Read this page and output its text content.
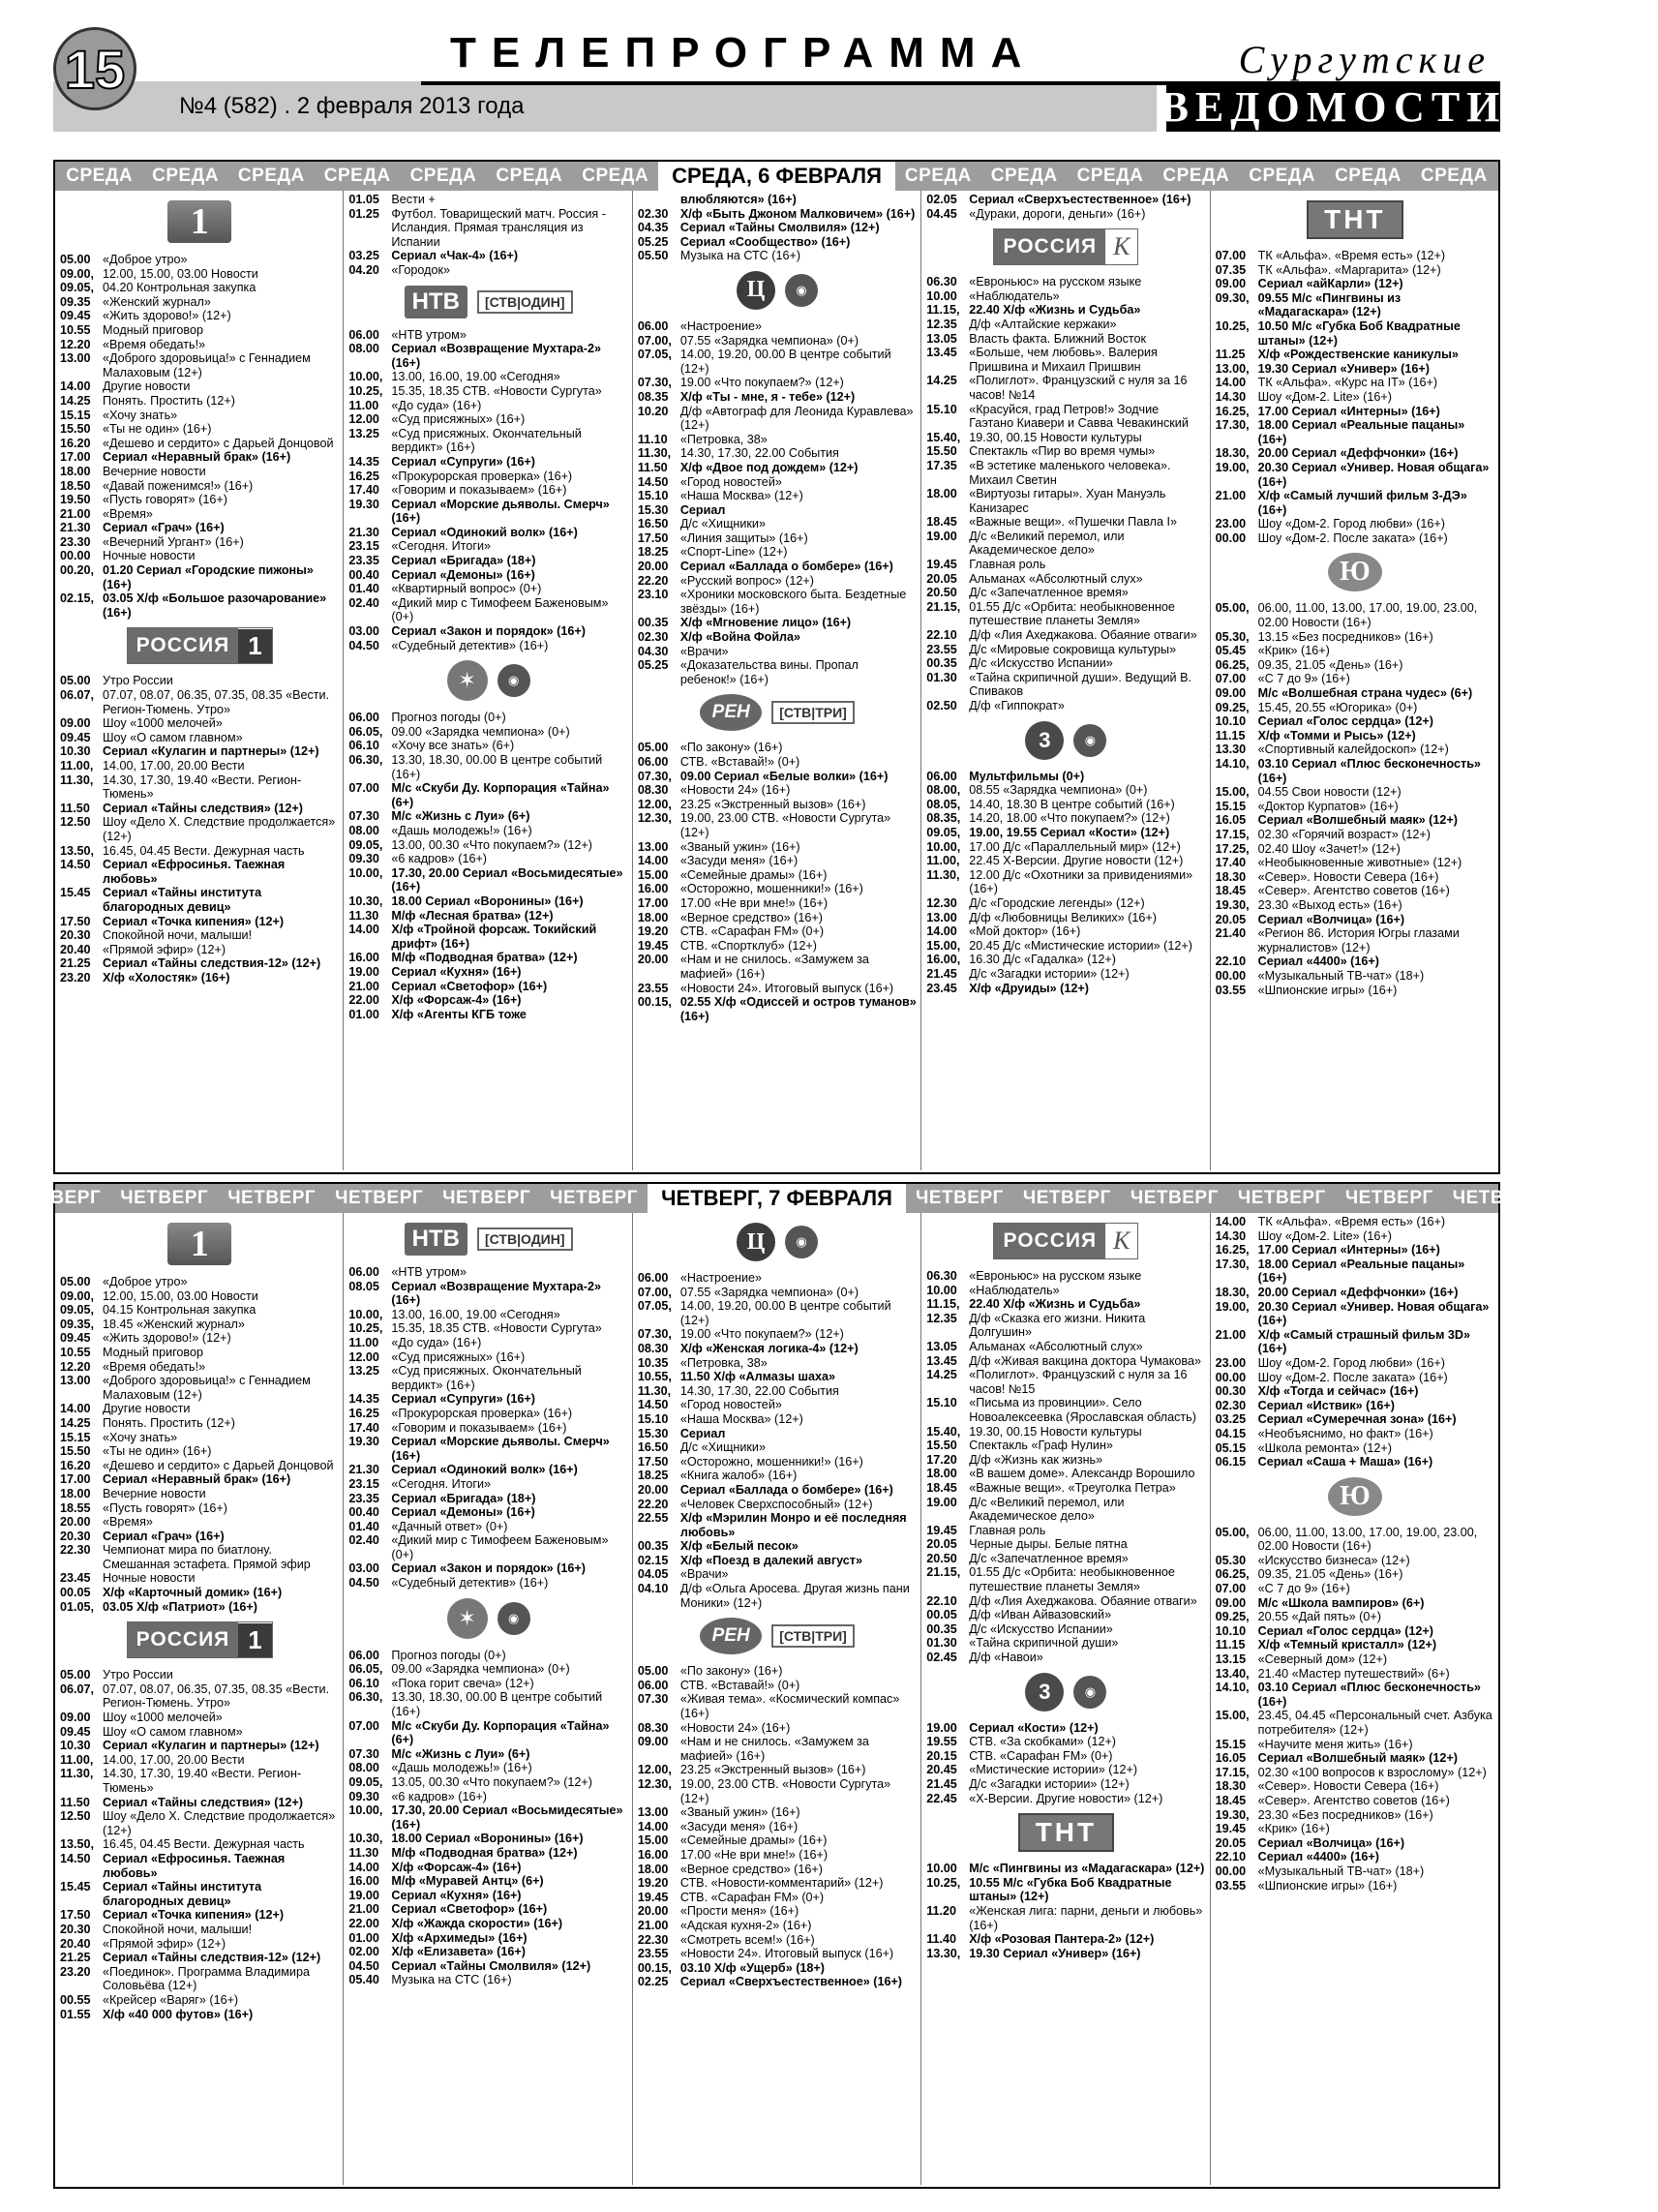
15	ТЕЛЕПРОГРАММА
№4 (582) . 2 февраля 2013 года
Сургутские
ВЕДОМОСТИ
СРЕДА	СРЕДА	СРЕДА	СРЕДА	СРЕДА	СРЕДА	СРЕДА	СРЕДА, 6 ФЕВРАЛЯ	СРЕДА	СРЕДА	СРЕДА	СРЕДА	СРЕДА	СРЕДА	СРЕДА
1
05.00 «Доброе утро»
09.00, 12.00, 15.00, 03.00 Новости
09.05, 04.20 Контрольная закупка
09.35 «Женский журнал»
09.45 «Жить здорово!» (12+)
10.55 Модный приговор
12.20 «Время обедать!»
13.00 «Доброго здоровьица!» с Геннадием Малаховым (12+)
14.00 Другие новости
14.25 Понять. Простить (12+)
15.15 «Хочу знать»
15.50 «Ты не один» (16+)
16.20 «Дешево и сердито» с Дарьей Донцовой
17.00 Сериал «Неравный брак» (16+)
18.00 Вечерние новости
18.50 «Давай поженимся!» (16+)
19.50 «Пусть говорят» (16+)
21.00 «Время»
21.30 Сериал «Грач» (16+)
23.30 «Вечерний Ургант» (16+)
00.00 Ночные новости
00.20, 01.20 Сериал «Городские пижоны» (16+)
02.15, 03.05 Х/ф «Большое разочарование» (16+)
РОССИЯ 1
05.00 Утро России
06.07, 07.07, 08.07, 06.35, 07.35, 08.35 «Вести. Регион-Тюмень. Утро»
09.00 Шоу «1000 мелочей»
09.45 Шоу «О самом главном»
10.30 Сериал «Кулагин и партнеры» (12+)
11.00, 14.00, 17.00, 20.00 Вести
11.30, 14.30, 17.30, 19.40 «Вести. Регион-Тюмень»
11.50	Сериал «Тайны следствия» (12+)
12.50 Шоу «Дело Х. Следствие продолжается» (12+)
13.50, 16.45, 04.45 Вести. Дежурная часть
14.50 Сериал «Ефросинья. Таежная любовь»
15.45 Сериал «Тайны института благородных девиц»
17.50 Сериал «Точка кипения» (12+)
20.30 Спокойной ночи, малыши!
20.40 «Прямой эфир» (12+)
21.25 Сериал «Тайны следствия-12» (12+)
23.20 Х/ф «Холостяк» (16+)
01.05 Вести +
01.25 Футбол. Товарищеский матч. Россия - Исландия. Прямая трансляция из Испании
03.25 Сериал «Чак-4» (16+)
04.20 «Городок»
НТВ	[СТВ|ОДИН]
06.00 «НТВ утром»
08.00 Сериал «Возвращение Мухтара-2» (16+)
10.00, 13.00, 16.00, 19.00 «Сегодня»
10.25, 15.35, 18.35 СТВ. «Новости Сургута»
11.00	«До суда» (16+)
12.00 «Суд присяжных» (16+)
13.25 «Суд присяжных. Окончательный вердикт» (16+)
14.35 Сериал «Супруги» (16+)
16.25 «Прокурорская проверка» (16+)
17.40 «Говорим и показываем» (16+)
19.30 Сериал «Морские дьяволы. Смерч» (16+)
21.30 Сериал «Одинокий волк» (16+)
23.15 «Сегодня. Итоги»
23.35 Сериал «Бригада» (18+)
00.40 Сериал «Демоны» (16+)
01.40 «Квартирный вопрос» (0+)
02.40 «Дикий мир с Тимофеем Баженовым» (0+)
03.00 Сериал «Закон и порядок» (16+)
04.50 «Судебный детектив» (16+)
✶	◉
06.00 Прогноз погоды (0+)
06.05, 09.00 «Зарядка чемпиона» (0+)
06.10 «Хочу все знать» (6+)
06.30, 13.30, 18.30, 00.00 В центре событий (16+)
07.00 М/с «Скуби Ду. Корпорация «Тайна» (6+)
07.30 М/с «Жизнь с Луи» (6+)
08.00 «Дашь молодежь!» (16+)
09.05, 13.00, 00.30 «Что покупаем?» (12+)
09.30 «6 кадров» (16+)
10.00, 17.30, 20.00 Сериал «Восьмидесятые» (16+)
10.30, 18.00 Сериал «Воронины» (16+)
11.30	М/ф «Лесная братва» (12+)
14.00 Х/ф «Тройной форсаж. Токийский дрифт» (16+)
16.00 М/ф «Подводная братва» (12+)
19.00 Сериал «Кухня» (16+)
21.00 Сериал «Светофор» (16+)
22.00 Х/ф «Форсаж-4» (16+)
01.00 Х/ф «Агенты КГБ тоже
влюбляются» (16+)
02.30 Х/ф «Быть Джоном Малковичем» (16+)
04.35 Сериал «Тайны Смолвиля» (12+)
05.25 Сериал «Сообщество» (16+)
05.50 Музыка на СТС (16+)
Ц	◉
06.00 «Настроение»
07.00, 07.55 «Зарядка чемпиона» (0+)
07.05, 14.00, 19.20, 00.00 В центре событий (12+)
07.30, 19.00 «Что покупаем?» (12+)
08.35 Х/ф «Ты - мне, я - тебе» (12+)
10.20 Д/ф «Автограф для Леонида Куравлева» (12+)
11.10	«Петровка, 38»
11.30, 14.30, 17.30, 22.00 События
11.50	Х/ф «Двое под дождем» (12+)
14.50 «Город новостей»
15.10 «Наша Москва» (12+)
15.30 Сериал
16.50 Д/с «Хищники»
17.50 «Линия защиты» (16+)
18.25 «Спорт-Line» (12+)
20.00 Сериал «Баллада о бомбере» (16+)
22.20 «Русский вопрос» (12+)
23.10 «Хроники московского быта. Бездетные звёзды» (16+)
00.35 Х/ф «Мгновение лицо» (16+)
02.30 Х/ф «Война Фойла»
04.30 «Врачи»
05.25 «Доказательства вины. Пропал ребенок!» (16+)
РЕН	[СТВ|ТРИ]
05.00 «По закону» (16+)
06.00 СТВ. «Вставай!» (0+)
07.30, 09.00 Сериал «Белые волки» (16+)
08.30 «Новости 24» (16+)
12.00, 23.25 «Экстренный вызов» (16+)
12.30, 19.00, 23.00 СТВ. «Новости Сургута» (12+)
13.00 «Званый ужин» (16+)
14.00 «Засуди меня» (16+)
15.00 «Семейные драмы» (16+)
16.00 «Осторожно, мошенники!» (16+)
17.00 17.00 «Не ври мне!» (16+)
18.00 «Верное средство» (16+)
19.20 СТВ. «Сарафан FM» (0+)
19.45 СТВ. «Спортклуб» (12+)
20.00 «Нам и не снилось. «Замужем за мафией» (16+)
23.55 «Новости 24». Итоговый выпуск (16+)
00.15, 02.55 Х/ф «Одиссей и остров туманов» (16+)
02.05 Сериал «Сверхъестественное» (16+)
04.45 «Дураки, дороги, деньги» (16+)
РОССИЯ К
06.30 «Евроньюс» на русском языке
10.00 «Наблюдатель»
11.15, 22.40 Х/ф «Жизнь и Судьба»
12.35 Д/ф «Алтайские кержаки»
13.05 Власть факта. Ближний Восток
13.45 «Больше, чем любовь». Валерия Пришвина и Михаил Пришвин
14.25 «Полиглот». Французский с нуля за 16 часов! №14
15.10 «Красуйся, град Петров!» Зодчие Гаэтано Киавери и Савва Чевакинский
15.40, 19.30, 00.15 Новости культуры
15.50 Спектакль «Пир во время чумы»
17.35 «В эстетике маленького человека». Михаил Светин
18.00 «Виртуозы гитары». Хуан Мануэль Канизарес
18.45 «Важные вещи». «Пушечки Павла I»
19.00 Д/с «Великий перемол, или Академическое дело»
19.45 Главная роль
20.05 Альманах «Абсолютный слух»
20.50 Д/с «Запечатленное время»
21.15, 01.55 Д/с «Орбита: необыкновенное путешествие планеты Земля»
22.10 Д/ф «Лия Ахеджакова. Обаяние отваги»
23.55 Д/с «Мировые сокровища культуры»
00.35 Д/с «Искусство Испании»
01.30 «Тайна скрипичной души». Ведущий В. Спиваков
02.50 Д/ф «Гиппократ»
3	◉
06.00 Мультфильмы (0+)
08.00, 08.55 «Зарядка чемпиона» (0+)
08.05, 14.40, 18.30 В центре событий (16+)
08.35, 14.20, 18.00 «Что покупаем?» (12+)
09.05, 19.00, 19.55 Сериал «Кости» (12+)
10.00, 17.00 Д/с «Параллельный мир» (12+)
11.00, 22.45 Х-Версии. Другие новости (12+)
11.30, 12.00 Д/с «Охотники за привидениями» (16+)
12.30 Д/с «Городские легенды» (12+)
13.00 Д/ф «Любовницы Великих» (16+)
14.00 «Мой доктор» (16+)
15.00, 20.45 Д/с «Мистические истории» (12+)
16.00, 16.30 Д/с «Гадалка» (12+)
21.45 Д/с «Загадки истории» (12+)
23.45 Х/ф «Друиды» (12+)
ТНТ
07.00 ТК «Альфа». «Время есть» (12+)
07.35 ТК «Альфа». «Маргарита» (12+)
09.00 Сериал «айКарли» (12+)
09.30, 09.55 М/с «Пингвины из «Мадагаскара» (12+)
10.25, 10.50 М/с «Губка Боб Квадратные штаны» (12+)
11.25	Х/ф «Рождественские каникулы»
13.00, 19.30 Сериал «Универ» (16+)
14.00 ТК «Альфа». «Курс на IT» (16+)
14.30 Шоу «Дом-2. Lite» (16+)
16.25, 17.00 Сериал «Интерны» (16+)
17.30, 18.00 Сериал «Реальные пацаны» (16+)
18.30, 20.00 Сериал «Деффчонки» (16+)
19.00, 20.30 Сериал «Универ. Новая общага» (16+)
21.00 Х/ф «Самый лучший фильм 3-ДЭ» (16+)
23.00 Шоу «Дом-2. Город любви» (16+)
00.00 Шоу «Дом-2. После заката» (16+)
Ю
05.00, 06.00, 11.00, 13.00, 17.00, 19.00, 23.00, 02.00 Новости (16+)
05.30, 13.15 «Без посредников» (16+)
05.45 «Крик» (16+)
06.25, 09.35, 21.05 «День» (16+)
07.00 «С 7 до 9» (16+)
09.00 М/с «Волшебная страна чудес» (6+)
09.25, 15.45, 20.55 «Югорика» (0+)
10.10 Сериал «Голос сердца» (12+)
11.15	Х/ф «Томми и Рысь» (12+)
13.30 «Спортивный калейдоскоп» (12+)
14.10, 03.10 Сериал «Плюс бесконечность» (16+)
15.00, 04.55 Свои новости (12+)
15.15 «Доктор Курпатов» (16+)
16.05 Сериал «Волшебный маяк» (12+)
17.15, 02.30 «Горячий возраст» (12+)
17.25, 02.40 Шоу «Зачет!» (12+)
17.40 «Необыкновенные животные» (12+)
18.30 «Север». Новости Севера (16+)
18.45 «Север». Агентство советов (16+)
19.30, 23.30 «Выход есть» (16+)
20.05 Сериал «Волчица» (16+)
21.40 «Регион 86. История Югры глазами журналистов» (12+)
22.10 Сериал «4400» (16+)
00.00 «Музыкальный ТВ-чат» (18+)
03.55 «Шпионские игры» (16+)
ЧЕТВЕРГ	ЧЕТВЕРГ	ЧЕТВЕРГ	ЧЕТВЕРГ	ЧЕТВЕРГ	ЧЕТВЕРГ	ЧЕТВЕРГ, 7 ФЕВРАЛЯ	ЧЕТВЕРГ	ЧЕТВЕРГ	ЧЕТВЕРГ	ЧЕТВЕРГ	ЧЕТВЕРГ	ЧЕТВЕРГ	ЧЕТВЕРГ
1
05.00 «Доброе утро»
09.00, 12.00, 15.00, 03.00 Новости
09.05, 04.15 Контрольная закупка
09.35, 18.45 «Женский журнал»
09.45 «Жить здорово!» (12+)
10.55 Модный приговор
12.20 «Время обедать!»
13.00 «Доброго здоровьица!» с Геннадием Малаховым (12+)
14.00 Другие новости
14.25 Понять. Простить (12+)
15.15 «Хочу знать»
15.50 «Ты не один» (16+)
16.20 «Дешево и сердито» с Дарьей Донцовой
17.00 Сериал «Неравный брак» (16+)
18.00 Вечерние новости
18.55 «Пусть говорят» (16+)
20.00 «Время»
20.30 Сериал «Грач» (16+)
22.30 Чемпионат мира по биатлону. Смешанная эстафета. Прямой эфир
23.45 Ночные новости
00.05 Х/ф «Карточный домик» (16+)
01.05, 03.05 Х/ф «Патриот» (16+)
РОССИЯ 1
05.00 Утро России
06.07, 07.07, 08.07, 06.35, 07.35, 08.35 «Вести. Регион-Тюмень. Утро»
09.00 Шоу «1000 мелочей»
09.45 Шоу «О самом главном»
10.30 Сериал «Кулагин и партнеры» (12+)
11.00, 14.00, 17.00, 20.00 Вести
11.30, 14.30, 17.30, 19.40 «Вести. Регион-Тюмень»
11.50	Сериал «Тайны следствия» (12+)
12.50 Шоу «Дело Х. Следствие продолжается» (12+)
13.50, 16.45, 04.45 Вести. Дежурная часть
14.50 Сериал «Ефросинья. Таежная любовь»
15.45 Сериал «Тайны института благородных девиц»
17.50 Сериал «Точка кипения» (12+)
20.30 Спокойной ночи, малыши!
20.40 «Прямой эфир» (12+)
21.25 Сериал «Тайны следствия-12» (12+)
23.20 «Поединок». Программа Владимира Соловьёва (12+)
00.55 «Крейсер «Варяг» (16+)
01.55 Х/ф «40 000 футов» (16+)
НТВ	[СТВ|ОДИН]
06.00 «НТВ утром»
08.05 Сериал «Возвращение Мухтара-2» (16+)
10.00, 13.00, 16.00, 19.00 «Сегодня»
10.25, 15.35, 18.35 СТВ. «Новости Сургута»
11.00	«До суда» (16+)
12.00 «Суд присяжных» (16+)
13.25 «Суд присяжных. Окончательный вердикт» (16+)
14.35 Сериал «Супруги» (16+)
16.25 «Прокурорская проверка» (16+)
17.40 «Говорим и показываем» (16+)
19.30 Сериал «Морские дьяволы. Смерч» (16+)
21.30 Сериал «Одинокий волк» (16+)
23.15 «Сегодня. Итоги»
23.35 Сериал «Бригада» (18+)
00.40 Сериал «Демоны» (16+)
01.40 «Дачный ответ» (0+)
02.40 «Дикий мир с Тимофеем Баженовым» (0+)
03.00 Сериал «Закон и порядок» (16+)
04.50 «Судебный детектив» (16+)
✶	◉
06.00 Прогноз погоды (0+)
06.05, 09.00 «Зарядка чемпиона» (0+)
06.10 «Пока горит свеча» (12+)
06.30, 13.30, 18.30, 00.00 В центре событий (16+)
07.00 М/с «Скуби Ду. Корпорация «Тайна» (6+)
07.30 М/с «Жизнь с Луи» (6+)
08.00 «Дашь молодежь!» (16+)
09.05, 13.05, 00.30 «Что покупаем?» (12+)
09.30 «6 кадров» (16+)
10.00, 17.30, 20.00 Сериал «Восьмидесятые» (16+)
10.30, 18.00 Сериал «Воронины» (16+)
11.30	М/ф «Подводная братва» (12+)
14.00 Х/ф «Форсаж-4» (16+)
16.00 М/ф «Муравей Антц» (6+)
19.00 Сериал «Кухня» (16+)
21.00 Сериал «Светофор» (16+)
22.00 Х/ф «Жажда скорости» (16+)
01.00 Х/ф «Архимеды» (16+)
02.00 Х/ф «Елизавета» (16+)
04.50 Сериал «Тайны Смолвиля» (12+)
05.40 Музыка на СТС (16+)
Ц	◉
06.00 «Настроение»
07.00, 07.55 «Зарядка чемпиона» (0+)
07.05, 14.00, 19.20, 00.00 В центре событий (12+)
07.30, 19.00 «Что покупаем?» (12+)
08.30 Х/ф «Женская логика-4» (12+)
10.35 «Петровка, 38»
10.55, 11.50 Х/ф «Алмазы шаха»
11.30, 14.30, 17.30, 22.00 События
14.50 «Город новостей»
15.10 «Наша Москва» (12+)
15.30 Сериал
16.50 Д/с «Хищники»
17.50 «Осторожно, мошенники!» (16+)
18.25 «Книга жалоб» (16+)
20.00 Сериал «Баллада о бомбере» (16+)
22.20 «Человек Сверхспособный» (12+)
22.55 Х/ф «Мэрилин Монро и её последняя любовь»
00.35 Х/ф «Белый песок»
02.15 Х/ф «Поезд в далекий август»
04.05 «Врачи»
04.10 Д/ф «Ольга Аросева. Другая жизнь пани Моники» (12+)
РЕН	[СТВ|ТРИ]
05.00 «По закону» (16+)
06.00 СТВ. «Вставай!» (0+)
07.30 «Живая тема». «Космический компас» (16+)
08.30 «Новости 24» (16+)
09.00 «Нам и не снилось. «Замужем за мафией» (16+)
12.00, 23.25 «Экстренный вызов» (16+)
12.30, 19.00, 23.00 СТВ. «Новости Сургута» (12+)
13.00 «Званый ужин» (16+)
14.00 «Засуди меня» (16+)
15.00 «Семейные драмы» (16+)
16.00 17.00 «Не ври мне!» (16+)
18.00 «Верное средство» (16+)
19.20 СТВ. «Новости-комментарий» (12+)
19.45 СТВ. «Сарафан FM» (0+)
20.00 «Прости меня» (16+)
21.00 «Адская кухня-2» (16+)
22.30 «Смотреть всем!» (16+)
23.55 «Новости 24». Итоговый выпуск (16+)
00.15, 03.10 Х/ф «Ущерб» (18+)
02.25 Сериал «Сверхъестественное» (16+)
РОССИЯ К
06.30 «Евроньюс» на русском языке
10.00 «Наблюдатель»
11.15, 22.40 Х/ф «Жизнь и Судьба»
12.35 Д/ф «Сказка его жизни. Никита Долгушин»
13.05 Альманах «Абсолютный слух»
13.45 Д/ф «Живая вакцина доктора Чумакова»
14.25 «Полиглот». Французский с нуля за 16 часов! №15
15.10 «Письма из провинции». Село Новоалексеевка (Ярославская область)
15.40, 19.30, 00.15 Новости культуры
15.50 Спектакль «Граф Нулин»
17.20 Д/ф «Жизнь как жизнь»
18.00 «В вашем доме». Александр Ворошило
18.45 «Важные вещи». «Треуголка Петра»
19.00 Д/с «Великий перемол, или Академическое дело»
19.45 Главная роль
20.05 Черные дыры. Белые пятна
20.50 Д/с «Запечатленное время»
21.15, 01.55 Д/с «Орбита: необыкновенное путешествие планеты Земля»
22.10 Д/ф «Лия Ахеджакова. Обаяние отваги»
00.05 Д/ф «Иван Айвазовский»
00.35 Д/с «Искусство Испании»
01.30 «Тайна скрипичной души»
02.45 Д/ф «Навои»
3	◉
19.00 Сериал «Кости» (12+)
19.55 СТВ. «За скобками» (12+)
20.15 СТВ. «Сарафан FM» (0+)
20.45 «Мистические истории» (12+)
21.45 Д/с «Загадки истории» (12+)
22.45 «Х-Версии. Другие новости» (12+)
ТНТ
10.00 М/с «Пингвины из «Мадагаскара» (12+)
10.25, 10.55 М/с «Губка Боб Квадратные штаны» (12+)
11.20	«Женская лига: парни, деньги и любовь» (16+)
11.40	Х/ф «Розовая Пантера-2» (12+)
13.30, 19.30 Сериал «Универ» (16+)
14.00 ТК «Альфа». «Время есть» (16+)
14.30 Шоу «Дом-2. Lite» (16+)
16.25, 17.00 Сериал «Интерны» (16+)
17.30, 18.00 Сериал «Реальные пацаны» (16+)
18.30, 20.00 Сериал «Деффчонки» (16+)
19.00, 20.30 Сериал «Универ. Новая общага» (16+)
21.00 Х/ф «Самый страшный фильм 3D» (16+)
23.00 Шоу «Дом-2. Город любви» (16+)
00.00 Шоу «Дом-2. После заката» (16+)
00.30 Х/ф «Тогда и сейчас» (16+)
02.30 Сериал «Иствик» (16+)
03.25 Сериал «Сумеречная зона» (16+)
04.15 «Необъяснимо, но факт» (16+)
05.15 «Школа ремонта» (12+)
06.15 Сериал «Саша + Маша» (16+)
Ю
05.00, 06.00, 11.00, 13.00, 17.00, 19.00, 23.00, 02.00 Новости (16+)
05.30 «Искусство бизнеса» (12+)
06.25, 09.35, 21.05 «День» (16+)
07.00 «С 7 до 9» (16+)
09.00 М/с «Школа вампиров» (6+)
09.25, 20.55 «Дай пять» (0+)
10.10 Сериал «Голос сердца» (12+)
11.15	Х/ф «Темный кристалл» (12+)
13.15 «Северный дом» (12+)
13.40, 21.40 «Мастер путешествий» (6+)
14.10, 03.10 Сериал «Плюс бесконечность» (16+)
15.00, 23.45, 04.45 «Персональный счет. Азбука потребителя» (12+)
15.15 «Научите меня жить» (16+)
16.05 Сериал «Волшебный маяк» (12+)
17.15, 02.30 «100 вопросов к взрослому» (12+)
18.30 «Север». Новости Севера (16+)
18.45 «Север». Агентство советов (16+)
19.30, 23.30 «Без посредников» (16+)
19.45 «Крик» (16+)
20.05 Сериал «Волчица» (16+)
22.10 Сериал «4400» (16+)
00.00 «Музыкальный ТВ-чат» (18+)
03.55 «Шпионские игры» (16+)
